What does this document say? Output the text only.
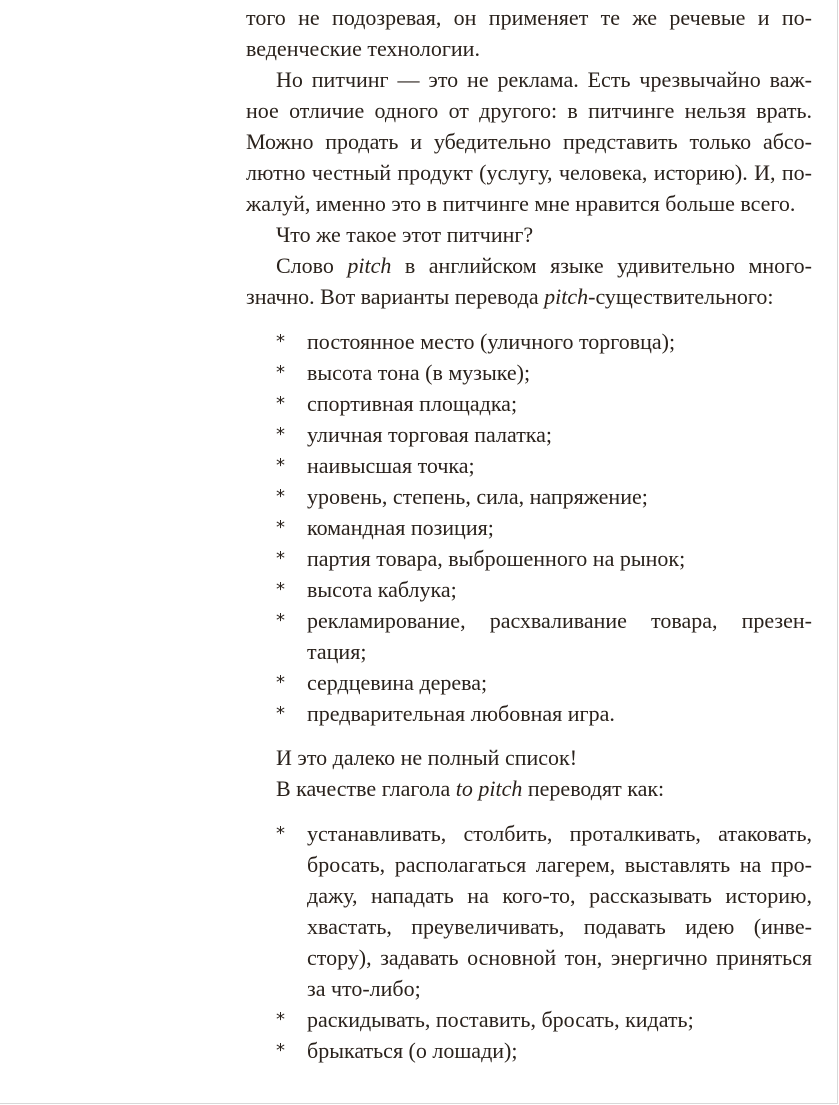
того не подозревая, он применяет те же речевые и по-
веденческие технологии.

Но питчинг — это не реклама. Есть чрезвычайно важ-
ное отличие одного от другого: в питчинге нельзя врать.
Можно продать и убедительно представить только абсо-
лютно честный продукт (услугу, человека, историю). И, по-
жалуй, именно это в питчинге мне нравится больше всего.

Что же такое этот питчинг?

Слово pitch в английском языке удивительно много-
значно. Вот варианты перевода pitch-существительного:

* постоянное место (уличного торговца);
* высота тона (в музыке);
* спортивная площадка;
* уличная торговая палатка;
* наивысшая точка;
* уровень, степень, сила, напряжение;
* командная позиция;
* партия товара, выброшенного на рынок;
* высота каблука;
* рекламирование, расхваливание товара, презен-
тация;
* сердцевина дерева;
* предварительная любовная игра.

И это далеко не полный список!

В качестве глагола to pitch переводят как:

* устанавливать, столбить, проталкивать, атаковать,
бросать, располагаться лагерем, выставлять на про-
дажу, нападать на кого-то, рассказывать историю,
хвастать, преувеличивать, подавать идею (инве-
стору), задавать основной тон, энергично приняться
за что-либо;
* раскидывать, поставить, бросать, кидать;
* брыкаться (о лошади);
